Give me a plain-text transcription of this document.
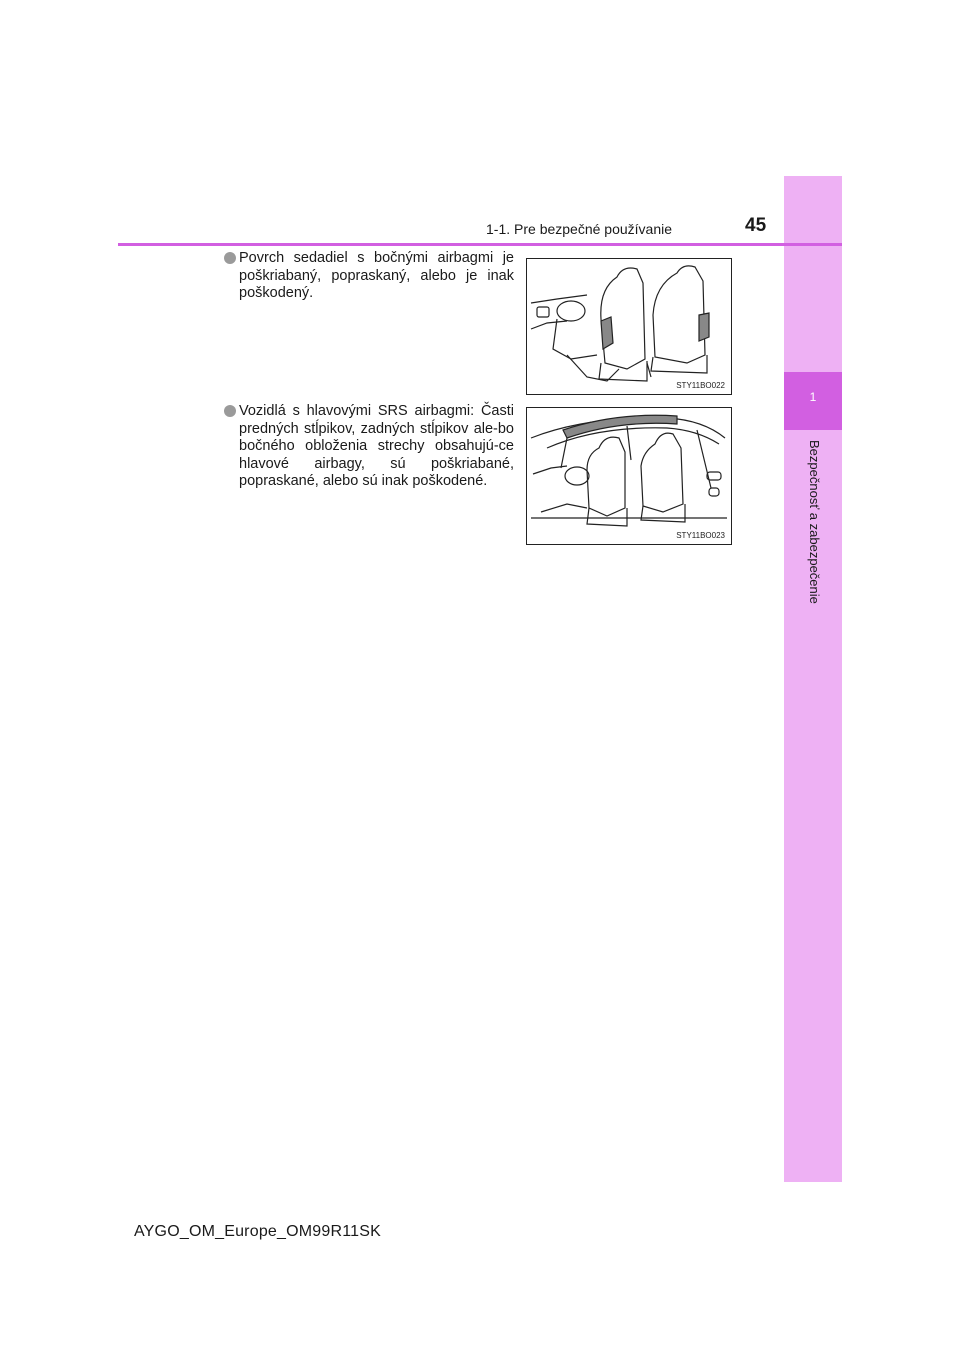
1
Bezpečnosť a zabezpečenie
1-1. Pre bezpečné používanie	45
Povrch sedadiel s bočnými airbagmi je poškriabaný, popraskaný, alebo je inak poškodený.
STY11BO022
Vozidlá s hlavovými SRS airbagmi: Časti predných stĺpikov, zadných stĺpikov ale-bo bočného obloženia strechy obsahujú-ce hlavové airbagy, sú poškriabané, popraskané, alebo sú inak poškodené.
STY11BO023
AYGO_OM_Europe_OM99R11SK
